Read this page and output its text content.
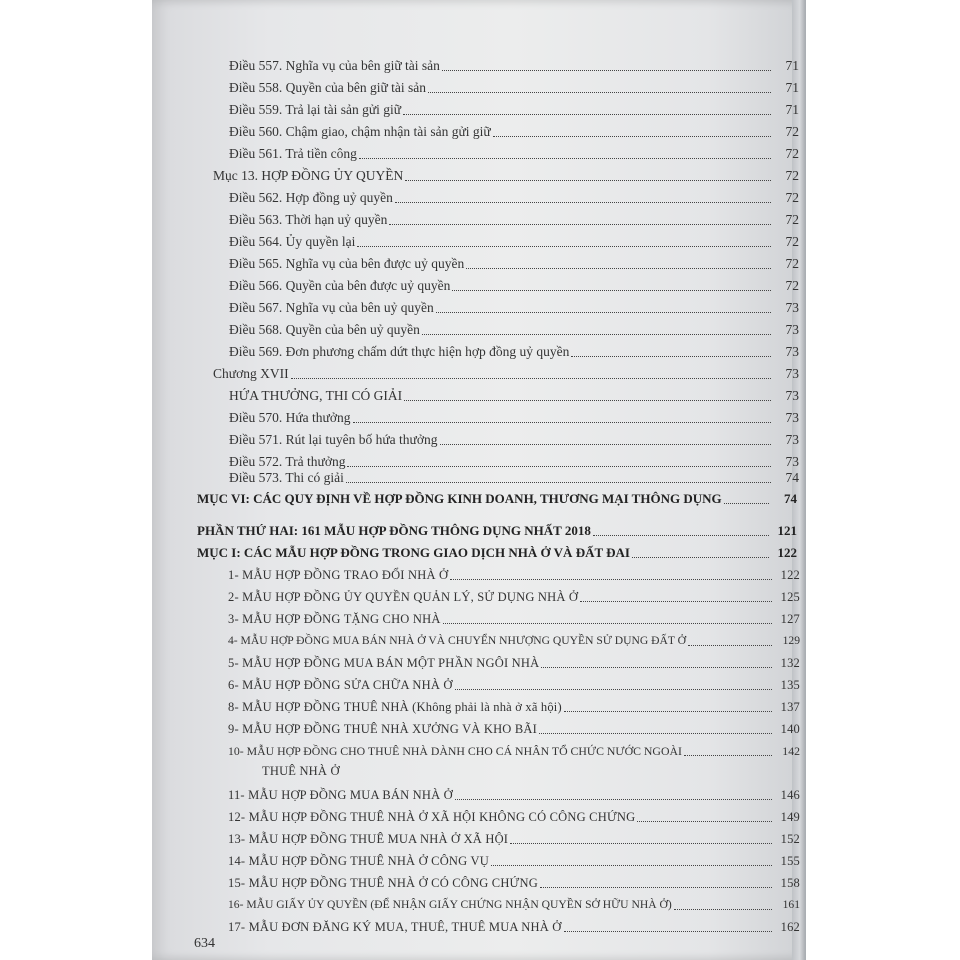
Điều 557. Nghĩa vụ của bên giữ tài sản	71
Điều 558. Quyền của bên giữ tài sản	71
Điều 559. Trả lại tài sản gửi giữ	71
Điều 560. Chậm giao, chậm nhận tài sản gửi giữ	72
Điều 561. Trả tiền công	72
Mục 13. HỢP ĐỒNG ỦY QUYỀN	72
Điều 562. Hợp đồng uỷ quyền	72
Điều 563. Thời hạn uỷ quyền	72
Điều 564. Ủy quyền lại	72
Điều 565. Nghĩa vụ của bên được uỷ quyền	72
Điều 566. Quyền của bên được uỷ quyền	72
Điều 567. Nghĩa vụ của bên uỷ quyền	73
Điều 568. Quyền của bên uỷ quyền	73
Điều 569. Đơn phương chấm dứt thực hiện hợp đồng uỷ quyền	73
Chương XVII	73
HỨA THƯỞNG, THI CÓ GIẢI	73
Điều 570. Hứa thưởng	73
Điều 571. Rút lại tuyên bố hứa thưởng	73
Điều 572. Trả thưởng	73
Điều 573. Thi có giải	74
MỤC VI: CÁC QUY ĐỊNH VỀ HỢP ĐỒNG KINH DOANH, THƯƠNG MẠI THÔNG DỤNG	74
PHẦN THỨ HAI: 161 MẪU HỢP ĐỒNG THÔNG DỤNG NHẤT 2018	121
MỤC I: CÁC MẪU HỢP ĐỒNG TRONG GIAO DỊCH NHÀ Ở VÀ ĐẤT ĐAI	122
1- MẪU HỢP ĐỒNG TRAO ĐỔI NHÀ Ở	122
2- MẪU HỢP ĐỒNG ỦY QUYỀN QUẢN LÝ, SỬ DỤNG NHÀ Ở	125
3- MẪU HỢP ĐỒNG TẶNG CHO NHÀ	127
4- MẪU HỢP ĐỒNG MUA BÁN NHÀ Ở VÀ CHUYỂN NHƯỢNG QUYỀN SỬ DỤNG ĐẤT Ở	129
5- MẪU HỢP ĐỒNG MUA BÁN MỘT PHẦN NGÔI NHÀ	132
6- MẪU HỢP ĐỒNG SỬA CHỮA NHÀ Ở	135
8- MẪU HỢP ĐỒNG THUÊ NHÀ (Không phải là nhà ở xã hội)	137
9- MẪU HỢP ĐỒNG THUÊ NHÀ XƯỞNG VÀ KHO BÃI	140
10- MẪU HỢP ĐỒNG CHO THUÊ NHÀ DÀNH CHO CÁ NHÂN TỔ CHỨC NƯỚC NGOÀI	142
THUÊ NHÀ Ở
11- MẪU HỢP ĐỒNG MUA BÁN NHÀ Ở	146
12- MẪU HỢP ĐỒNG THUÊ NHÀ Ở XÃ HỘI KHÔNG CÓ CÔNG CHỨNG	149
13- MẪU HỢP ĐỒNG THUÊ MUA NHÀ Ở XÃ HỘI	152
14- MẪU HỢP ĐỒNG THUÊ NHÀ Ở CÔNG VỤ	155
15- MẪU HỢP ĐỒNG THUÊ NHÀ Ở CÓ CÔNG CHỨNG	158
16- MẪU GIẤY ỦY QUYỀN (ĐỂ NHẬN GIẤY CHỨNG NHẬN QUYỀN SỞ HỮU NHÀ Ở)	161
17- MẪU ĐƠN ĐĂNG KÝ MUA, THUÊ, THUÊ MUA NHÀ Ở	162
634
